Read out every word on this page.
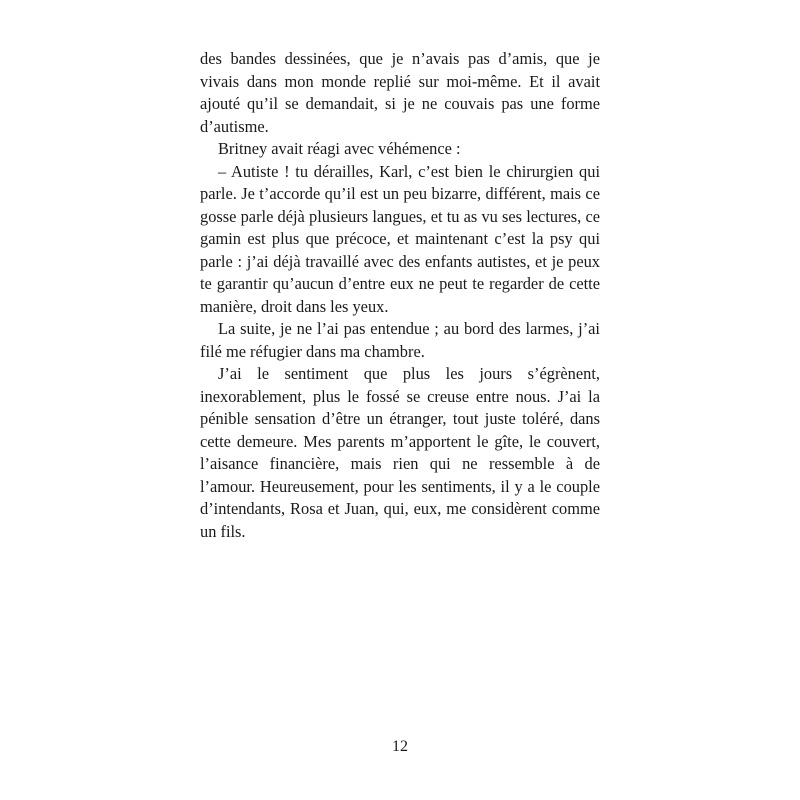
des bandes dessinées, que je n’avais pas d’amis, que je vivais dans mon monde replié sur moi-même. Et il avait ajouté qu’il se demandait, si je ne couvais pas une forme d’autisme.

Britney avait réagi avec véhémence :

– Autiste ! tu dérailles, Karl, c’est bien le chirurgien qui parle. Je t’accorde qu’il est un peu bizarre, différent, mais ce gosse parle déjà plusieurs langues, et tu as vu ses lectures, ce gamin est plus que précoce, et maintenant c’est la psy qui parle : j’ai déjà travaillé avec des enfants autistes, et je peux te garantir qu’aucun d’entre eux ne peut te regarder de cette manière, droit dans les yeux.

La suite, je ne l’ai pas entendue ; au bord des larmes, j’ai filé me réfugier dans ma chambre.

J’ai le sentiment que plus les jours s’égrènent, inexorablement, plus le fossé se creuse entre nous. J’ai la pénible sensation d’être un étranger, tout juste toléré, dans cette demeure. Mes parents m’apportent le gîte, le couvert, l’aisance financière, mais rien qui ne ressemble à de l’amour. Heureusement, pour les sentiments, il y a le couple d’intendants, Rosa et Juan, qui, eux, me considèrent comme un fils.

12
